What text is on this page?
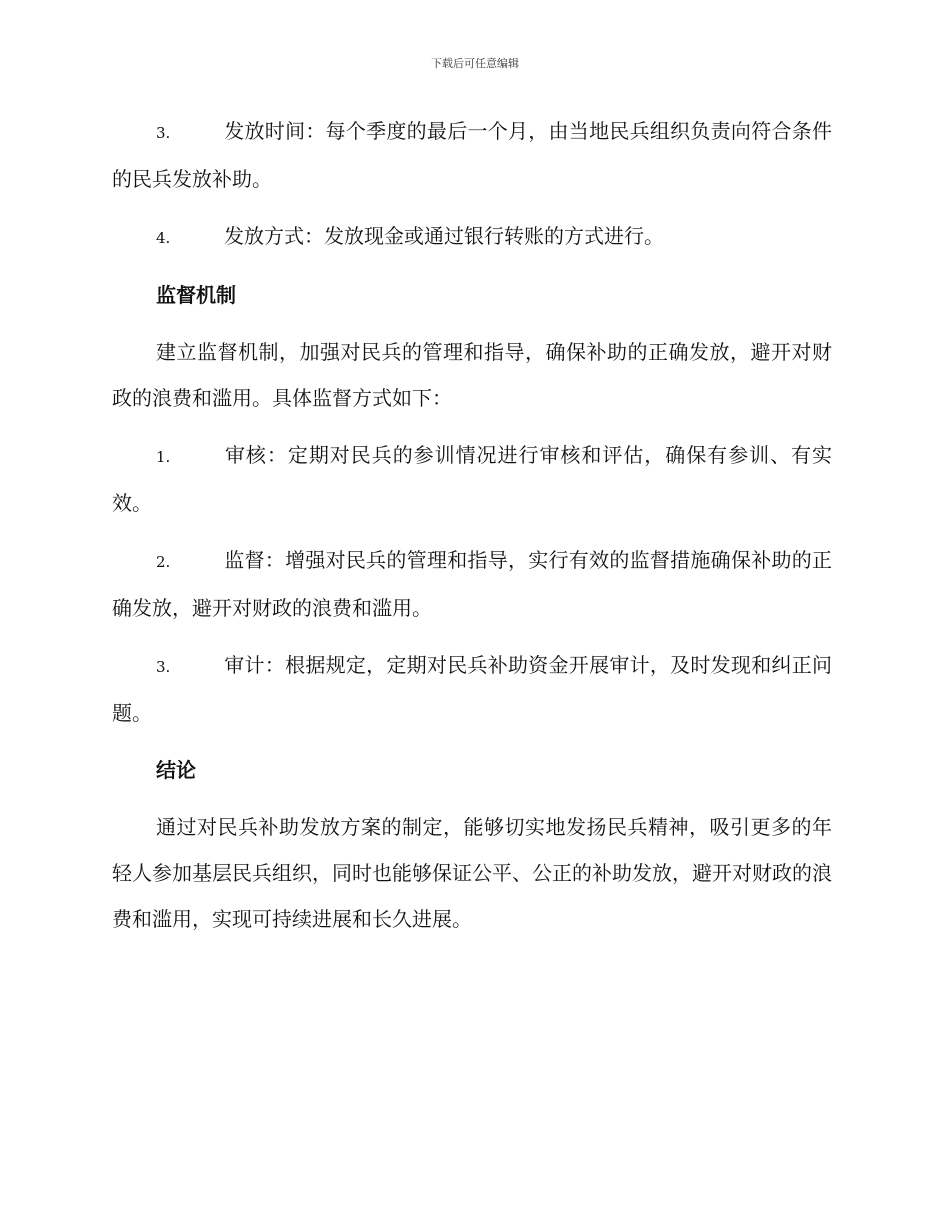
下载后可任意编辑

3.	发放时间：每个季度的最后一个月，由当地民兵组织负责向符合条件的民兵发放补助。

4.	发放方式：发放现金或通过银行转账的方式进行。

监督机制

建立监督机制，加强对民兵的管理和指导，确保补助的正确发放，避开对财政的浪费和滥用。具体监督方式如下：

1.	审核：定期对民兵的参训情况进行审核和评估，确保有参训、有实效。

2.	监督：增强对民兵的管理和指导，实行有效的监督措施确保补助的正确发放，避开对财政的浪费和滥用。

3.	审计：根据规定，定期对民兵补助资金开展审计，及时发现和纠正问题。

结论

通过对民兵补助发放方案的制定，能够切实地发扬民兵精神，吸引更多的年轻人参加基层民兵组织，同时也能够保证公平、公正的补助发放，避开对财政的浪费和滥用，实现可持续进展和长久进展。
